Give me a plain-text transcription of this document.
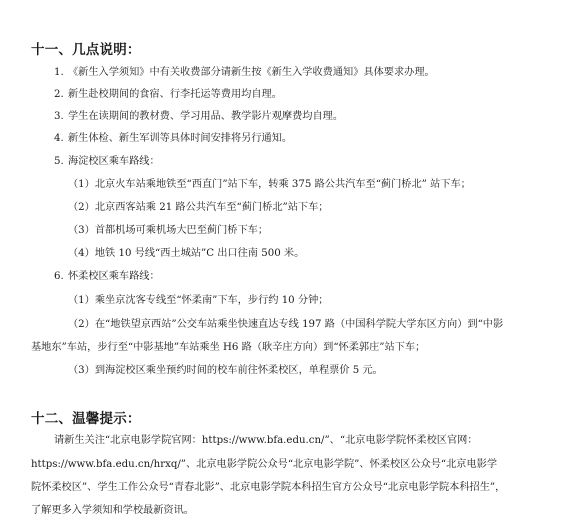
十一、几点说明：
1. 《新生入学须知》中有关收费部分请新生按《新生入学收费通知》具体要求办理。
2. 新生赴校期间的食宿、行李托运等费用均自理。
3. 学生在读期间的教材费、学习用品、教学影片观摩费均自理。
4. 新生体检、新生军训等具体时间安排将另行通知。
5. 海淀校区乘车路线：
（1）北京火车站乘地铁至“西直门”站下车，转乘 375 路公共汽车至“蓟门桥北” 站下车；
（2）北京西客站乘 21 路公共汽车至“蓟门桥北”站下车；
（3）首都机场可乘机场大巴至蓟门桥下车；
（4）地铁 10 号线“西土城站”C 出口往南 500 米。
6. 怀柔校区乘车路线：
（1）乘坐京沈客专线至“怀柔南”下车，步行约 10 分钟；
（2）在“地铁望京西站”公交车站乘坐快速直达专线 197 路（中国科学院大学东区方向）到“中影
基地东”车站，步行至“中影基地”车站乘坐 H6 路（耿辛庄方向）到“怀柔郭庄”站下车；
（3）到海淀校区乘坐预约时间的校车前往怀柔校区，单程票价 5 元。
十二、温馨提示：
请新生关注“北京电影学院官网：https://www.bfa.edu.cn/”、“北京电影学院怀柔校区官网：
https://www.bfa.edu.cn/hrxq/”、北京电影学院公众号“北京电影学院”、怀柔校区公众号“北京电影学
院怀柔校区”、学生工作公众号“青春北影”、北京电影学院本科招生官方公众号“北京电影学院本科招生”，
了解更多入学须知和学校最新资讯。
